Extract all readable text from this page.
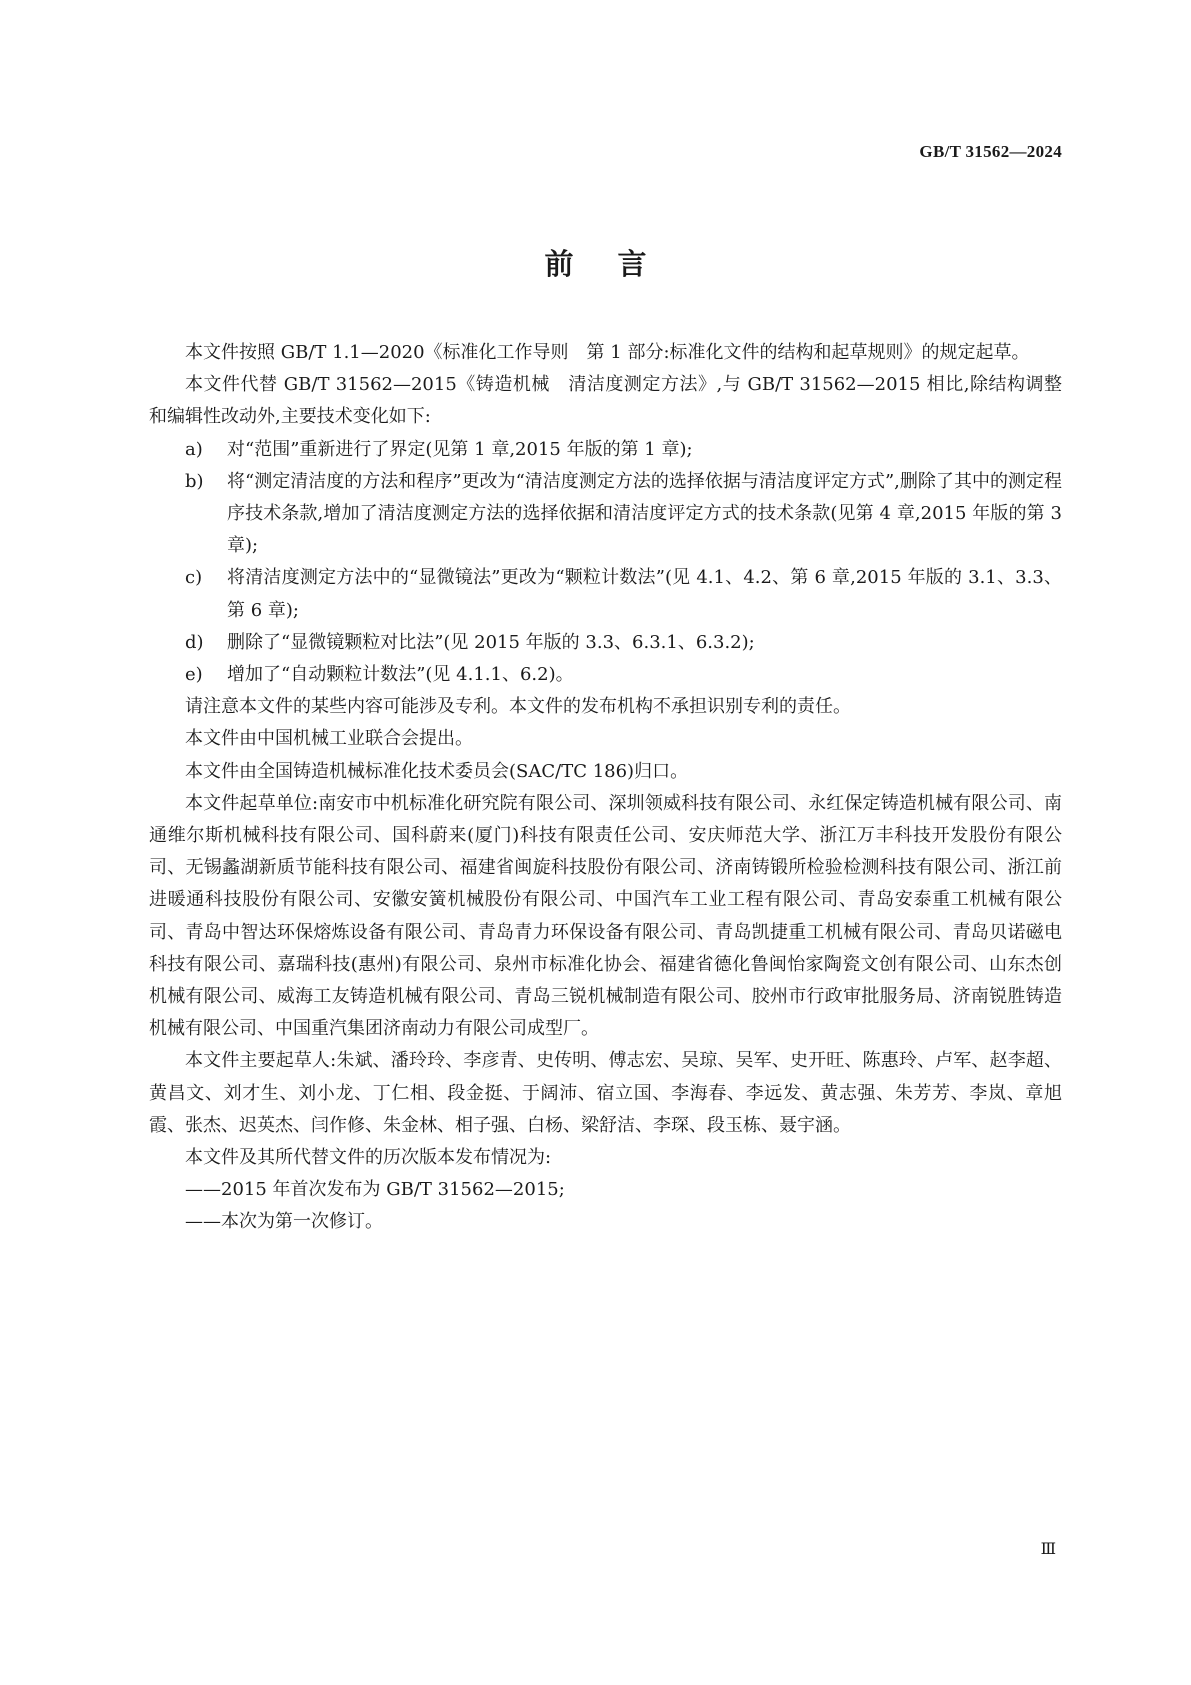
GB/T 31562—2024
前言

本文件按照 GB/T 1.1—2020《标准化工作导则　第 1 部分:标准化文件的结构和起草规则》的规定起草。

本文件代替 GB/T 31562—2015《铸造机械　清洁度测定方法》,与 GB/T 31562—2015 相比,除结构调整和编辑性改动外,主要技术变化如下:

a)	对“范围”重新进行了界定(见第 1 章,2015 年版的第 1 章);
b)	将“测定清洁度的方法和程序”更改为“清洁度测定方法的选择依据与清洁度评定方式”,删除了其中的测定程序技术条款,增加了清洁度测定方法的选择依据和清洁度评定方式的技术条款(见第 4 章,2015 年版的第 3 章);
c)	将清洁度测定方法中的“显微镜法”更改为“颗粒计数法”(见 4.1、4.2、第 6 章,2015 年版的 3.1、3.3、第 6 章);
d)	删除了“显微镜颗粒对比法”(见 2015 年版的 3.3、6.3.1、6.3.2);
e)	增加了“自动颗粒计数法”(见 4.1.1、6.2)。

请注意本文件的某些内容可能涉及专利。本文件的发布机构不承担识别专利的责任。

本文件由中国机械工业联合会提出。

本文件由全国铸造机械标准化技术委员会(SAC/TC 186)归口。

本文件起草单位:南安市中机标准化研究院有限公司、深圳领威科技有限公司、永红保定铸造机械有限公司、南通维尔斯机械科技有限公司、国科蔚来(厦门)科技有限责任公司、安庆师范大学、浙江万丰科技开发股份有限公司、无锡蠡湖新质节能科技有限公司、福建省闽旋科技股份有限公司、济南铸锻所检验检测科技有限公司、浙江前进暖通科技股份有限公司、安徽安簧机械股份有限公司、中国汽车工业工程有限公司、青岛安泰重工机械有限公司、青岛中智达环保熔炼设备有限公司、青岛青力环保设备有限公司、青岛凯捷重工机械有限公司、青岛贝诺磁电科技有限公司、嘉瑞科技(惠州)有限公司、泉州市标准化协会、福建省德化鲁闽怡家陶瓷文创有限公司、山东杰创机械有限公司、威海工友铸造机械有限公司、青岛三锐机械制造有限公司、胶州市行政审批服务局、济南锐胜铸造机械有限公司、中国重汽集团济南动力有限公司成型厂。

本文件主要起草人:朱斌、潘玲玲、李彦青、史传明、傅志宏、吴琼、吴军、史开旺、陈惠玲、卢军、赵李超、黄昌文、刘才生、刘小龙、丁仁相、段金挺、于阔沛、宿立国、李海春、李远发、黄志强、朱芳芳、李岚、章旭霞、张杰、迟英杰、闫作修、朱金林、相子强、白杨、梁舒洁、李琛、段玉栋、聂宇涵。

本文件及其所代替文件的历次版本发布情况为:

——2015 年首次发布为 GB/T 31562—2015;

——本次为第一次修订。

Ⅲ
